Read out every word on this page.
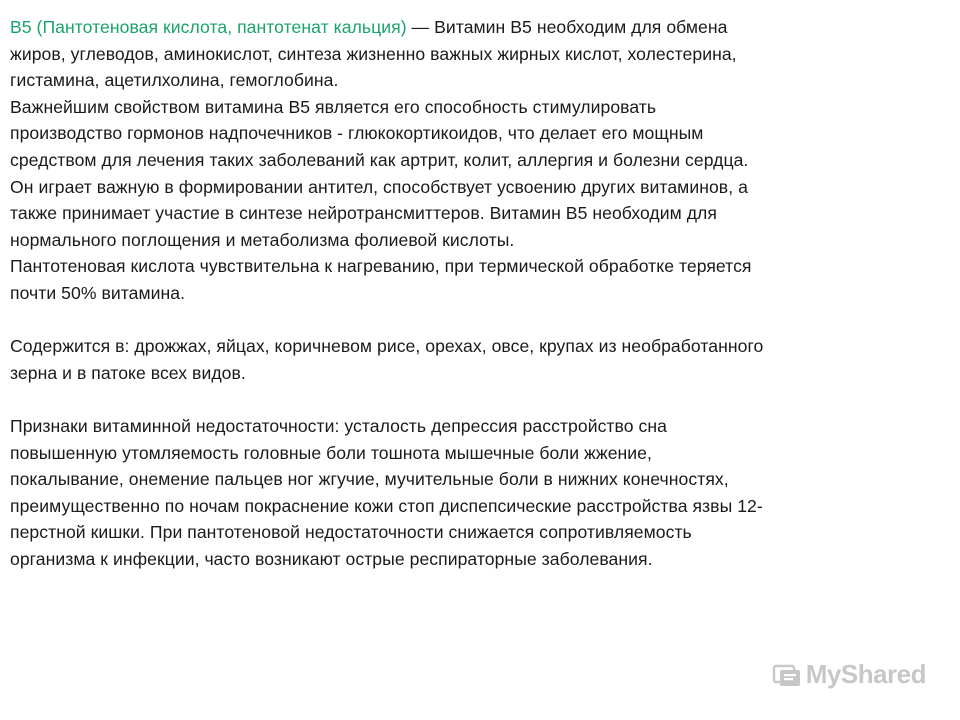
В5 (Пантотеновая кислота, пантотенат кальция) — Витамин В5 необходим для обмена
жиров, углеводов, аминокислот, синтеза жизненно важных жирных кислот, холестерина,
гистамина, ацетилхолина, гемоглобина.
Важнейшим свойством витамина В5 является его способность стимулировать
производство гормонов надпочечников - глюкокортикоидов, что делает его мощным
средством для лечения таких заболеваний как артрит, колит, аллергия и болезни сердца.
Он играет важную в формировании антител, способствует усвоению других витаминов, а
также принимает участие в синтезе нейротрансмиттеров. Витамин В5 необходим для
нормального поглощения и метаболизма фолиевой кислоты.
Пантотеновая кислота чувствительна к нагреванию, при термической обработке теряется
почти 50% витамина.
Содержится в: дрожжах, яйцах, коричневом рисе, орехах, овсе, крупах из необработанного
зерна и в патоке всех видов.
Признаки витаминной недостаточности: усталость депрессия расстройство сна
повышенную утомляемость головные боли тошнота мышечные боли жжение,
покалывание, онемение пальцев ног жгучие, мучительные боли в нижних конечностях,
преимущественно по ночам покраснение кожи стоп диспепсические расстройства язвы 12-
перстной кишки. При пантотеновой недостаточности снижается сопротивляемость
организма к инфекции, часто возникают острые респираторные заболевания.
MyShared
